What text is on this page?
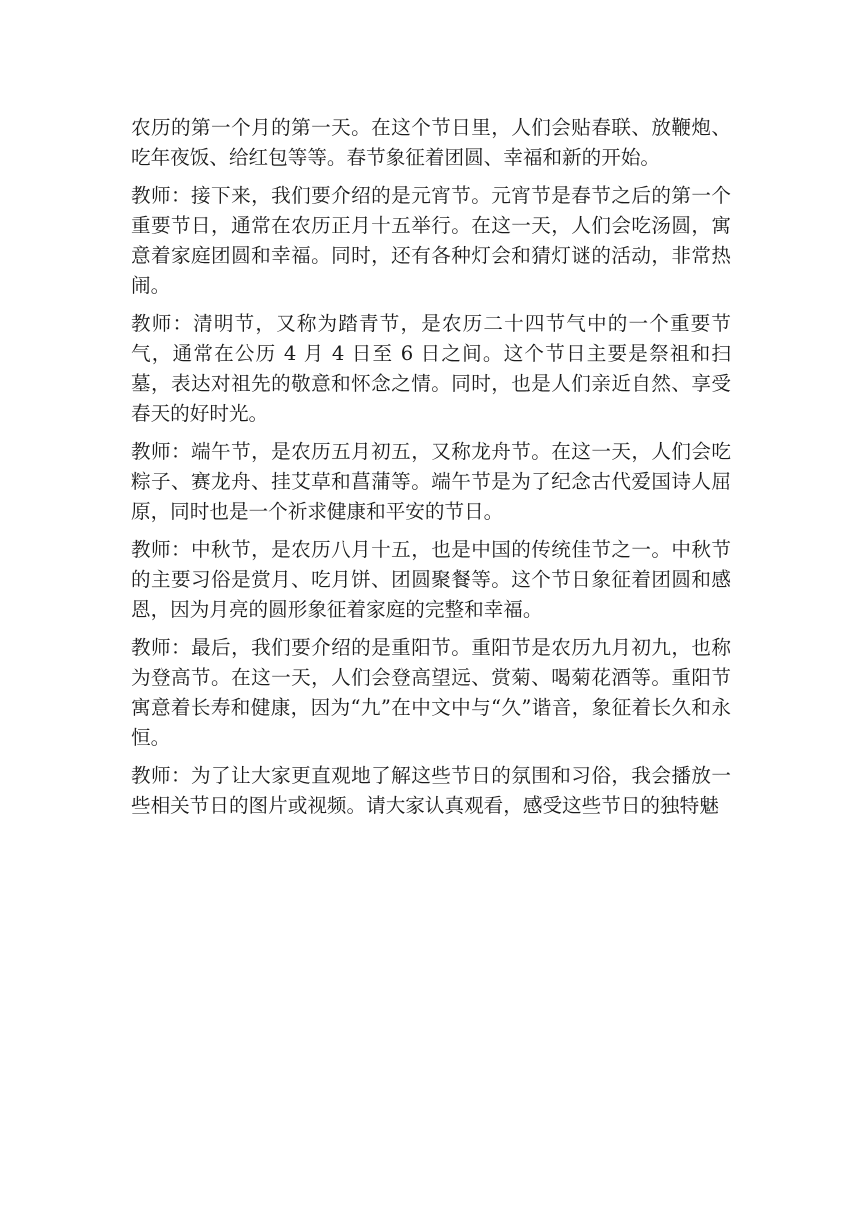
农历的第一个月的第一天。在这个节日里，人们会贴春联、放鞭炮、吃年夜饭、给红包等等。春节象征着团圆、幸福和新的开始。

教师：接下来，我们要介绍的是元宵节。元宵节是春节之后的第一个重要节日，通常在农历正月十五举行。在这一天，人们会吃汤圆，寓意着家庭团圆和幸福。同时，还有各种灯会和猜灯谜的活动，非常热闹。

教师：清明节，又称为踏青节，是农历二十四节气中的一个重要节气，通常在公历 4 月 4 日至 6 日之间。这个节日主要是祭祖和扫墓，表达对祖先的敬意和怀念之情。同时，也是人们亲近自然、享受春天的好时光。

教师：端午节，是农历五月初五，又称龙舟节。在这一天，人们会吃粽子、赛龙舟、挂艾草和菖蒲等。端午节是为了纪念古代爱国诗人屈原，同时也是一个祈求健康和平安的节日。

教师：中秋节，是农历八月十五，也是中国的传统佳节之一。中秋节的主要习俗是赏月、吃月饼、团圆聚餐等。这个节日象征着团圆和感恩，因为月亮的圆形象征着家庭的完整和幸福。

教师：最后，我们要介绍的是重阳节。重阳节是农历九月初九，也称为登高节。在这一天，人们会登高望远、赏菊、喝菊花酒等。重阳节寓意着长寿和健康，因为“九”在中文中与“久”谐音，象征着长久和永恒。

教师：为了让大家更直观地了解这些节日的氛围和习俗，我会播放一些相关节日的图片或视频。请大家认真观看，感受这些节日的独特魅
